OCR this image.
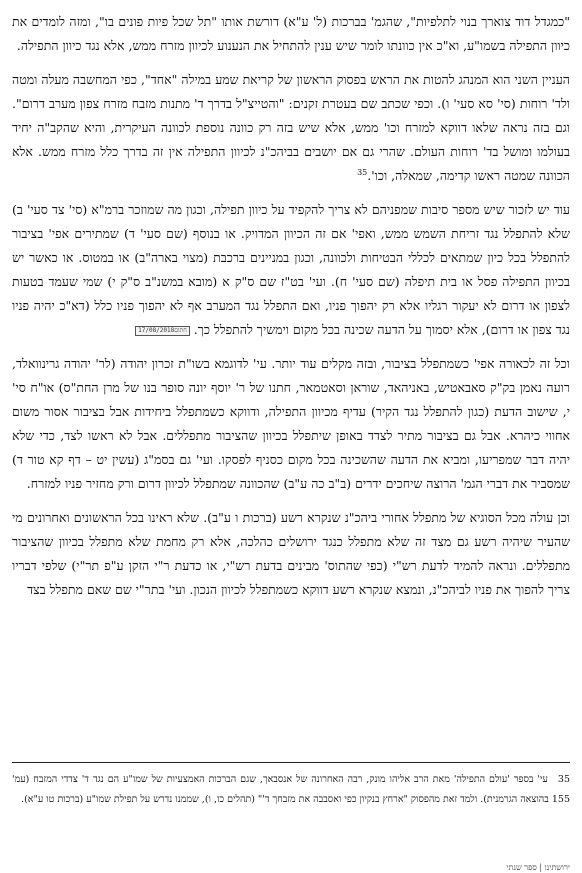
"כמגדל דוד צוארך בנוי לתלפיות", שהגמ' בברכות (ל' ע"א) דורשת אותו "תל שכל פיות פונים בו", ומזה לומדים את כיוון התפילה בשמו"ע, וא"כ אין כוונתו לומר שיש ענין להתחיל את הנענוע לכיוון מזרח ממש, אלא נגד כיוון התפילה.

העניין השני הוא המנהג להטות את הראש בפסוק הראשון של קריאת שמע במילה "אחד", כפי המחשבה מעלה ומטה ולד' רוחות (סי' סא סעי' ו). וכפי שכתב שם בעטרת זקנים: "והטייצ"ל בדרך ד' מתנות מזבח מזרח צפון מערב דרום". וגם בזה נראה שלאו דווקא למזרח וכו' ממש, אלא שיש בזה רק כוונה נוספת לכוונה העיקרית, והיא שהקב"ה יחיד בעולמו ומושל בד' רוחות העולם. שהרי גם אם יושבים בביהכ"נ לכיוון התפילה אין זה בדרך כלל מזרח ממש. אלא הכוונה שמטה ראשו קדימה, שמאלה, וכו'.$^{35}$

עוד יש לזכור שיש מספר סיבות שמפניהם לא צריך להקפיד על כיוון תפילה, וכגון מה שמוזכר ברמ"א (סי' צד סעי' ב) שלא להתפלל נגד זריחת השמש ממש, ואפי' אם זה הכיוון המדויק. או בנוסף (שם סעי' ד) שמתירים אפי' בציבור להתפלל בכל כיון שמתאים לכללי הבטיחות ולכוונה, וכגון במניינים ברכבת (מצוי בארה"ב) או במטוס. או כאשר יש בכיוון התפילה פסל או בית תיפלה (שם סעי' ח). ועי' בט"ז שם ס"ק א (מובא במשנ"ב ס"ק י) שמי שעמד בטעות לצפון או דרום לא יעקור רגליו אלא רק יהפוך פניו, ואם התפלל נגד המערב אף לא יהפוך פניו כלל (דא"כ יהיה פניו נגד צפון או דרום), אלא יסמוך על הדעה שכינה בכל מקום וימשיך להתפלל כך. 17/08/2018חתום

וכל זה לכאורה אפי' כשמתפלל בציבור, ובזה מקלים עוד יותר. עי' לדוגמא בשו"ת זכרון יהודה (לר' יהודה גרינוואלד, רועה נאמן בק"ק סאבאטיש, באניהאד, שוראן וסאטמאר, חתנו של ר' יוסף יונה סופר בנו של מרן החת"ס) או"ח סי' י, שישוב הדעת (כגון להתפלל נגד הקיר) עדיף מכיוון התפילה, ודווקא כשמתפלל ביחידות אבל בציבור אסור משום אחווי כיהרא. אבל גם בציבור מתיר לצדד באופן שיתפלל בכיוון שהציבור מתפללים. אבל לא ראשו לצד, כדי שלא יהיה דבר שמפריעו, ומביא את הדעה שהשכינה בכל מקום כסניף לפסקו. ועי' גם בסמ"ג (עשין יט – דף קא טור ד) שמסביר את דברי הגמ' הרוצה שיחכים ידרים (ב"ב כה ע"ב) שהכוונה שמתפלל לכיוון דרום ורק מחזיר פניו למזרח.

וכן עולה מכל הסוגיא של מתפלל אחורי ביהכ"נ שנקרא רשע (ברכות ו ע"ב). שלא ראינו בכל הראשונים ואחרונים מי שהעיר שיהיה רשע גם מצד זה שלא מתפלל כנגד ירושלים כהלכה, אלא רק מחמת שלא מתפלל בכיוון שהציבור מתפללים. ונראה להמיד לדעת רש"י (כפי שהתוס' מבינים בדעת רש"י, או כדעת ר"י הזקן ע"פ תר"י) שלפי דבריו צריך להפוך את פניו לביהכ"נ, ונמצא שנקרא רשע דווקא כשמתפלל לכיוון הנכון. ועי' בתר"י שם שאם מתפלל בצד

35עי' בספר 'עולם התפילה' מאת הרב אליהו מונק, רבה האחרונה של אנסבאך, שגם הברכות האמצעיות של שמו"ע הם נגד ד' צדדי המזבח (עמ' 155 בהוצאה הגרמנית). ולמד זאת מהפסוק "ארחץ בנקיון כפי ואסבבה את מזבחך ד'" (תהלים כו, ו), שממנו נדרש על תפילת שמו"ע (ברכות טו ע"א).
ירושתינו | ספר שנתי
